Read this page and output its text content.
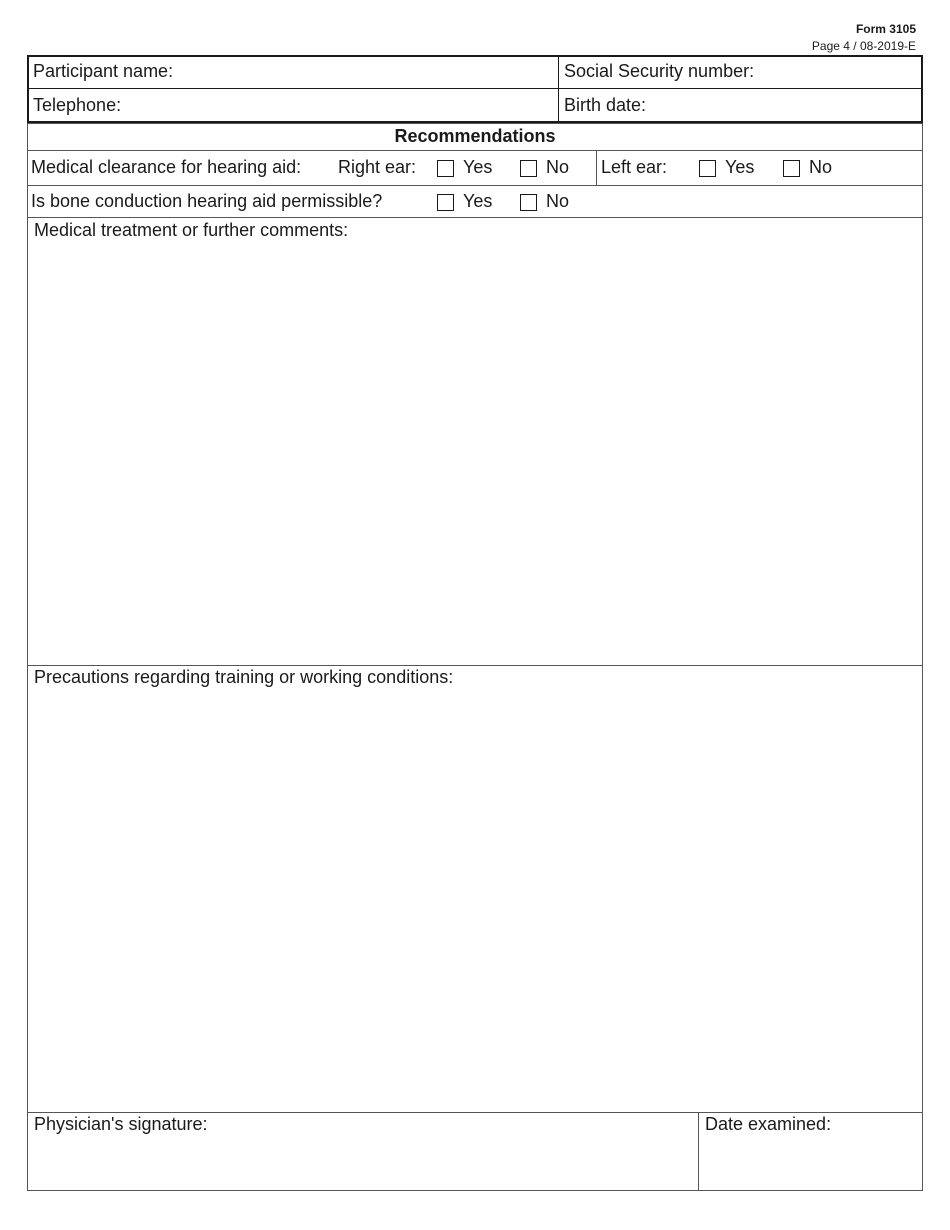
Form 3105
Page 4 / 08-2019-E
Participant name:	Social Security number:
Telephone:	Birth date:
Recommendations
Medical clearance for hearing aid: Right ear:	Yes	No Left ear:	Yes	No
Is bone conduction hearing aid permissible?	Yes	No
Medical treatment or further comments:
Precautions regarding training or working conditions:
Physician's signature:	Date examined:
